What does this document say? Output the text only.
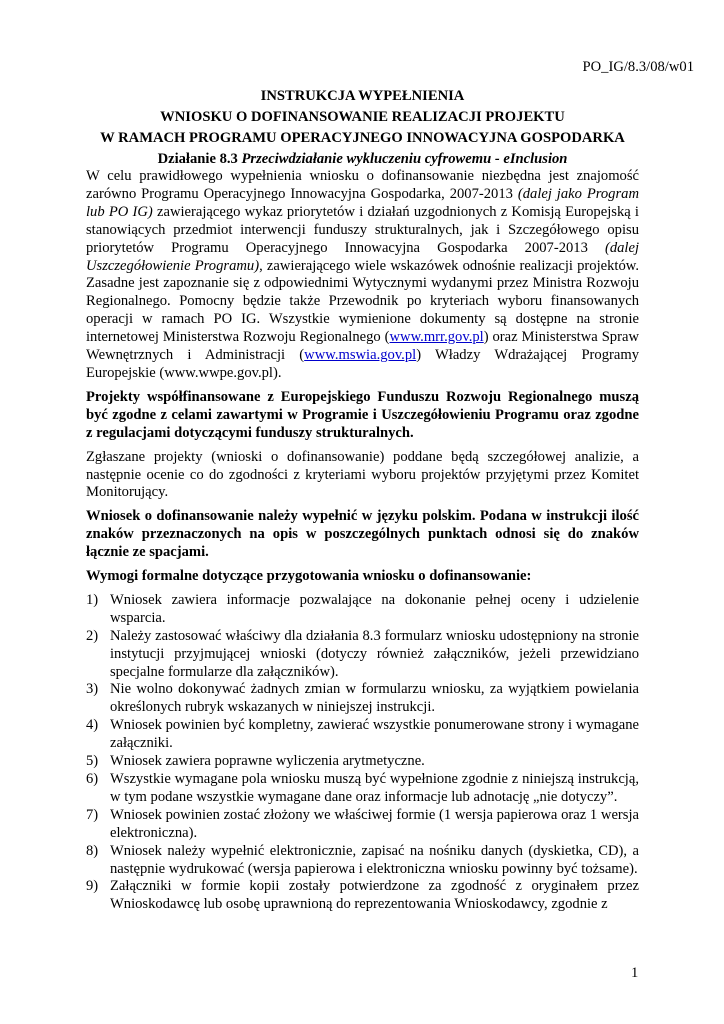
PO_IG/8.3/08/w01

INSTRUKCJA WYPEŁNIENIA

WNIOSKU O DOFINANSOWANIE REALIZACJI PROJEKTU

W RAMACH PROGRAMU OPERACYJNEGO INNOWACYJNA GOSPODARKA

Działanie 8.3 Przeciwdziałanie wykluczeniu cyfrowemu - eInclusion

W celu prawidłowego wypełnienia wniosku o dofinansowanie niezbędna jest znajomość zarówno Programu Operacyjnego Innowacyjna Gospodarka, 2007-2013 (dalej jako Program lub PO IG) zawierającego wykaz priorytetów i działań uzgodnionych z Komisją Europejską i stanowiących przedmiot interwencji funduszy strukturalnych, jak i Szczegółowego opisu priorytetów Programu Operacyjnego Innowacyjna Gospodarka 2007-2013 (dalej Uszczegółowienie Programu), zawierającego wiele wskazówek odnośnie realizacji projektów. Zasadne jest zapoznanie się z odpowiednimi Wytycznymi wydanymi przez Ministra Rozwoju Regionalnego. Pomocny będzie także Przewodnik po kryteriach wyboru finansowanych operacji w ramach PO IG. Wszystkie wymienione dokumenty są dostępne na stronie internetowej Ministerstwa Rozwoju Regionalnego (www.mrr.gov.pl) oraz Ministerstwa Spraw Wewnętrznych i Administracji (www.mswia.gov.pl) Władzy Wdrażającej Programy Europejskie (www.wwpe.gov.pl).

Projekty współfinansowane z Europejskiego Funduszu Rozwoju Regionalnego muszą być zgodne z celami zawartymi w Programie i Uszczegółowieniu Programu oraz zgodne z regulacjami dotyczącymi funduszy strukturalnych.

Zgłaszane projekty (wnioski o dofinansowanie) poddane będą szczegółowej analizie, a następnie ocenie co do zgodności z kryteriami wyboru projektów przyjętymi przez Komitet Monitorujący.

Wniosek o dofinansowanie należy wypełnić w języku polskim. Podana w instrukcji ilość znaków przeznaczonych na opis w poszczególnych punktach odnosi się do znaków łącznie ze spacjami.

Wymogi formalne dotyczące przygotowania wniosku o dofinansowanie:

1) Wniosek zawiera informacje pozwalające na dokonanie pełnej oceny i udzielenie wsparcia.
2) Należy zastosować właściwy dla działania 8.3 formularz wniosku udostępniony na stronie instytucji przyjmującej wnioski (dotyczy również załączników, jeżeli przewidziano specjalne formularze dla załączników).
3) Nie wolno dokonywać żadnych zmian w formularzu wniosku, za wyjątkiem powielania określonych rubryk wskazanych w niniejszej instrukcji.
4) Wniosek powinien być kompletny, zawierać wszystkie ponumerowane strony i wymagane załączniki.
5) Wniosek zawiera poprawne wyliczenia arytmetyczne.
6) Wszystkie wymagane pola wniosku muszą być wypełnione zgodnie z niniejszą instrukcją, w tym podane wszystkie wymagane dane oraz informacje lub adnotację „nie dotyczy”.
7) Wniosek powinien zostać złożony we właściwej formie (1 wersja papierowa oraz 1 wersja elektroniczna).
8) Wniosek należy wypełnić elektronicznie, zapisać na nośniku danych (dyskietka, CD), a następnie wydrukować (wersja papierowa i elektroniczna wniosku powinny być tożsame).
9) Załączniki w formie kopii zostały potwierdzone za zgodność z oryginałem przez Wnioskodawcę lub osobę uprawnioną do reprezentowania Wnioskodawcy, zgodnie z

1
